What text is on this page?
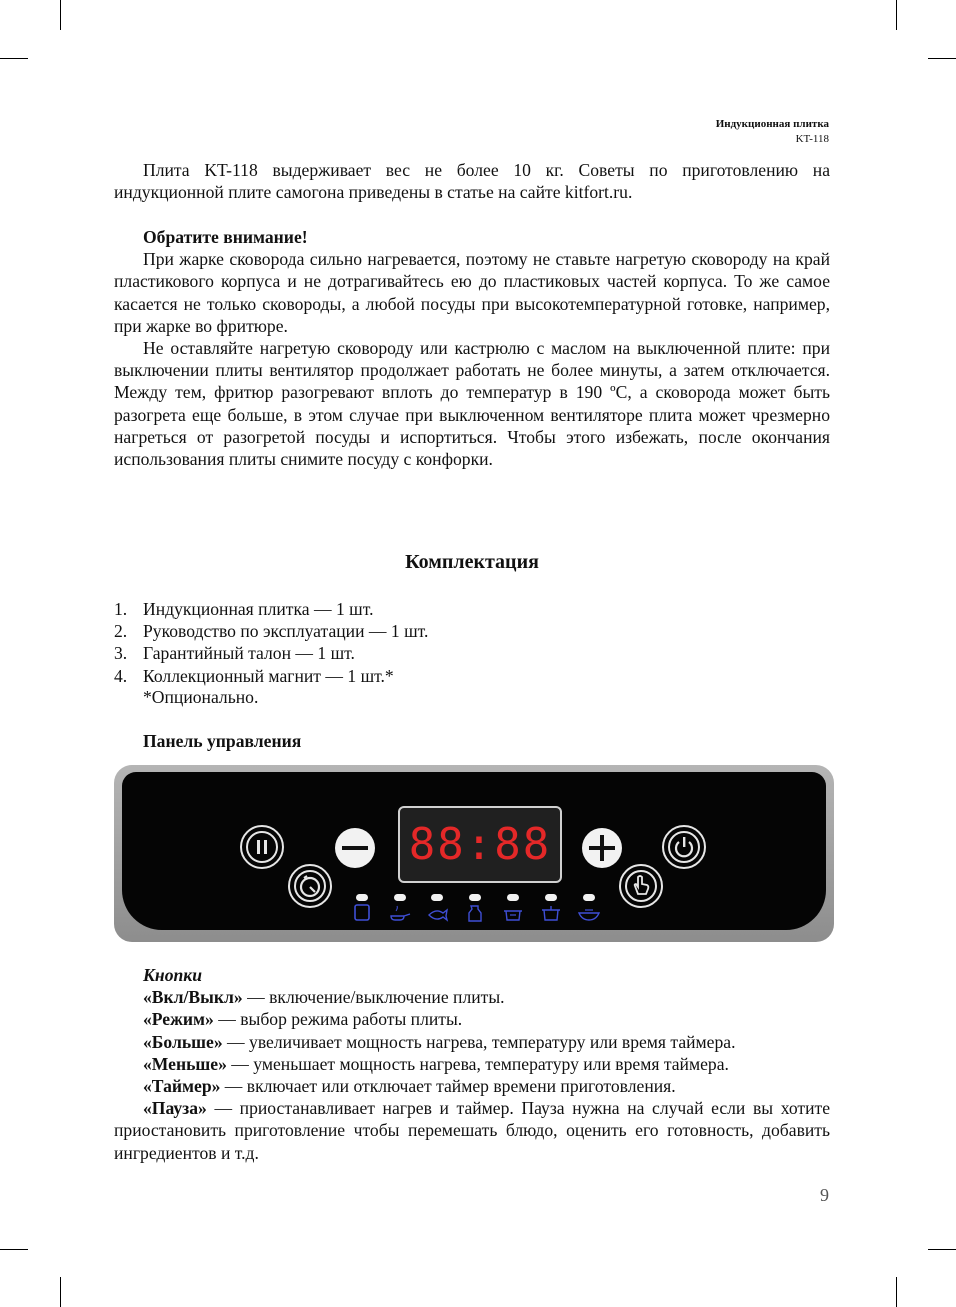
Индукционная плитка
KT-118

Плита KT-118 выдерживает вес не более 10 кг. Советы по приготовлению на индукционной плите самогона приведены в статье на сайте kitfort.ru.

Обратите внимание!

При жарке сковорода сильно нагревается, поэтому не ставьте нагретую сковороду на край пластикового корпуса и не дотрагивайтесь ею до пластиковых частей корпуса. То же самое касается не только сковороды, а любой посуды при высокотемпературной готовке, например, при жарке во фритюре.

Не оставляйте нагретую сковороду или кастрюлю с маслом на выключенной плите: при выключении плиты вентилятор продолжает работать не более минуты, а затем отключается. Между тем, фритюр разогревают вплоть до температур в 190 ºС, а сковорода может быть разогрета еще больше, в этом случае при выключенном вентиляторе плита может чрезмерно нагреться от разогретой посуды и испортиться. Чтобы этого избежать, после окончания использования плиты снимите посуду с конфорки.

Комплектация
1. Индукционная плитка — 1 шт.
2. Руководство по эксплуатации — 1 шт.
3. Гарантийный талон — 1 шт.
4. Коллекционный магнит — 1 шт.*
*Опционально.
Панель управления
88:88

Кнопки

«Вкл/Выкл» — включение/выключение плиты.

«Режим» — выбор режима работы плиты.

«Больше» — увеличивает мощность нагрева, температуру или время таймера.

«Меньше» — уменьшает мощность нагрева, температуру или время таймера.

«Таймер» — включает или отключает таймер времени приготовления.

«Пауза» — приостанавливает нагрев и таймер. Пауза нужна на случай если вы хотите приостановить приготовление чтобы перемешать блюдо, оценить его готовность, добавить ингредиентов и т.д.

9
